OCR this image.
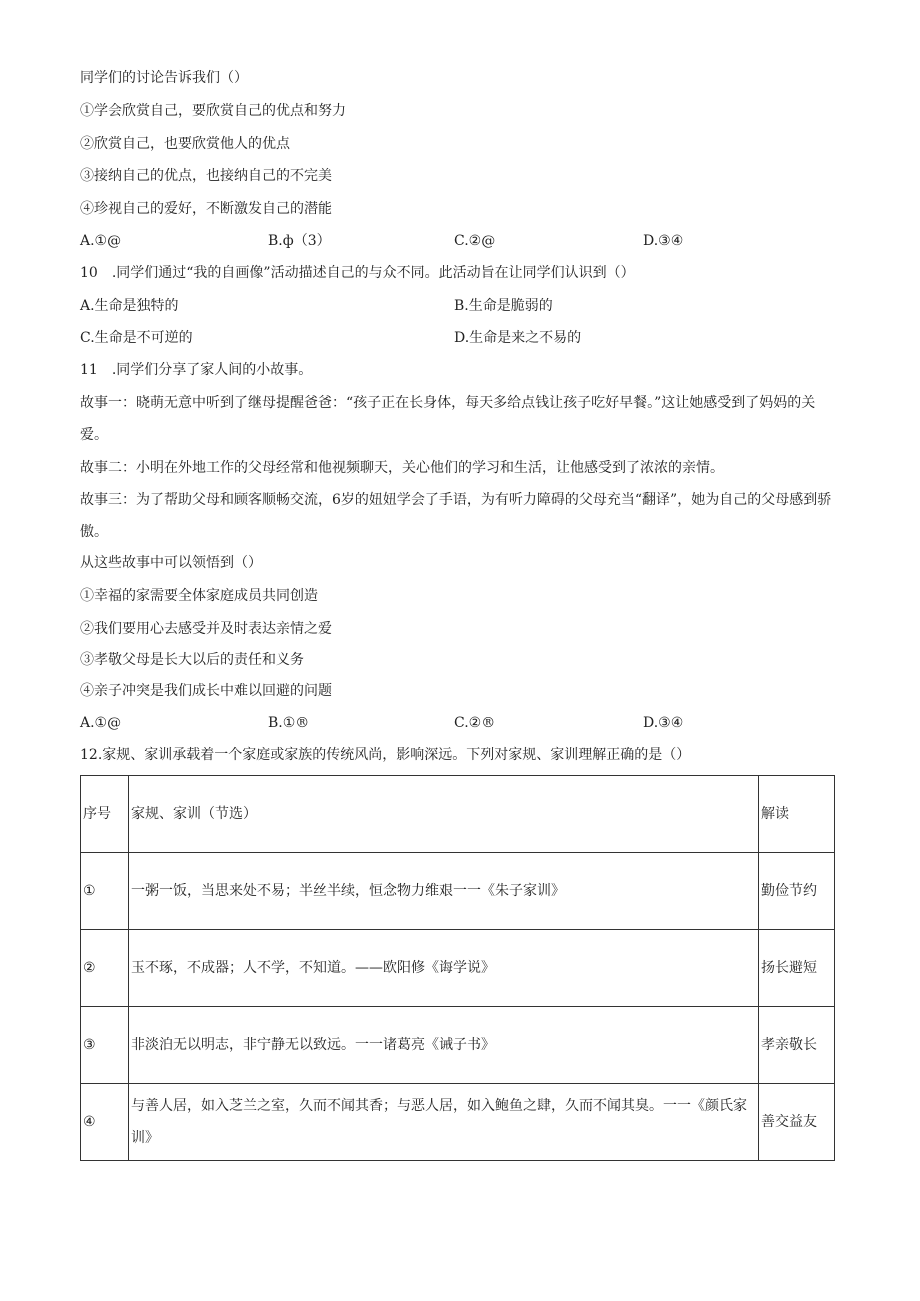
同学们的讨论告诉我们（）
①学会欣赏自己，要欣赏自己的优点和努力
②欣赏自己，也要欣赏他人的优点
③接纳自己的优点，也接纳自己的不完美
④珍视自己的爱好，不断激发自己的潜能
A.①@	B.ф（3）	C.②@	D.③④
10　.同学们通过“我的自画像”活动描述自己的与众不同。此活动旨在让同学们认识到（）
A.生命是独特的	B.生命是脆弱的
C.生命是不可逆的	D.生命是来之不易的
11　.同学们分享了家人间的小故事。
故事一：晓萌无意中听到了继母提醒爸爸：“孩子正在长身体，每天多给点钱让孩子吃好早餐。”这让她感受到了妈妈的关爱。
故事二：小明在外地工作的父母经常和他视频聊天，关心他们的学习和生活，让他感受到了浓浓的亲情。
故事三：为了帮助父母和顾客顺畅交流，6岁的妞妞学会了手语，为有听力障碍的父母充当“翻译”，她为自己的父母感到骄傲。
从这些故事中可以领悟到（）
①幸福的家需要全体家庭成员共同创造
②我们要用心去感受并及时表达亲情之爱
③孝敬父母是长大以后的责任和义务
④亲子冲突是我们成长中难以回避的问题
A.①@	B.①®	C.②®	D.③④
12.家规、家训承载着一个家庭或家族的传统风尚，影响深远。下列对家规、家训理解正确的是（）
序号	家规、家训（节选）	解读
①	一粥一饭，当思来处不易；半丝半续，恒念物力维艰一一《朱子家训》	勤俭节约
②	玉不琢，不成器；人不学，不知道。——欧阳修《诲学说》	扬长避短
③	非淡泊无以明志，非宁静无以致远。一一诸葛亮《诫子书》	孝亲敬长
④	与善人居，如入芝兰之室，久而不闻其香；与恶人居，如入鲍鱼之肆，久而不闻其臭。一一《颜氏家训》	善交益友
